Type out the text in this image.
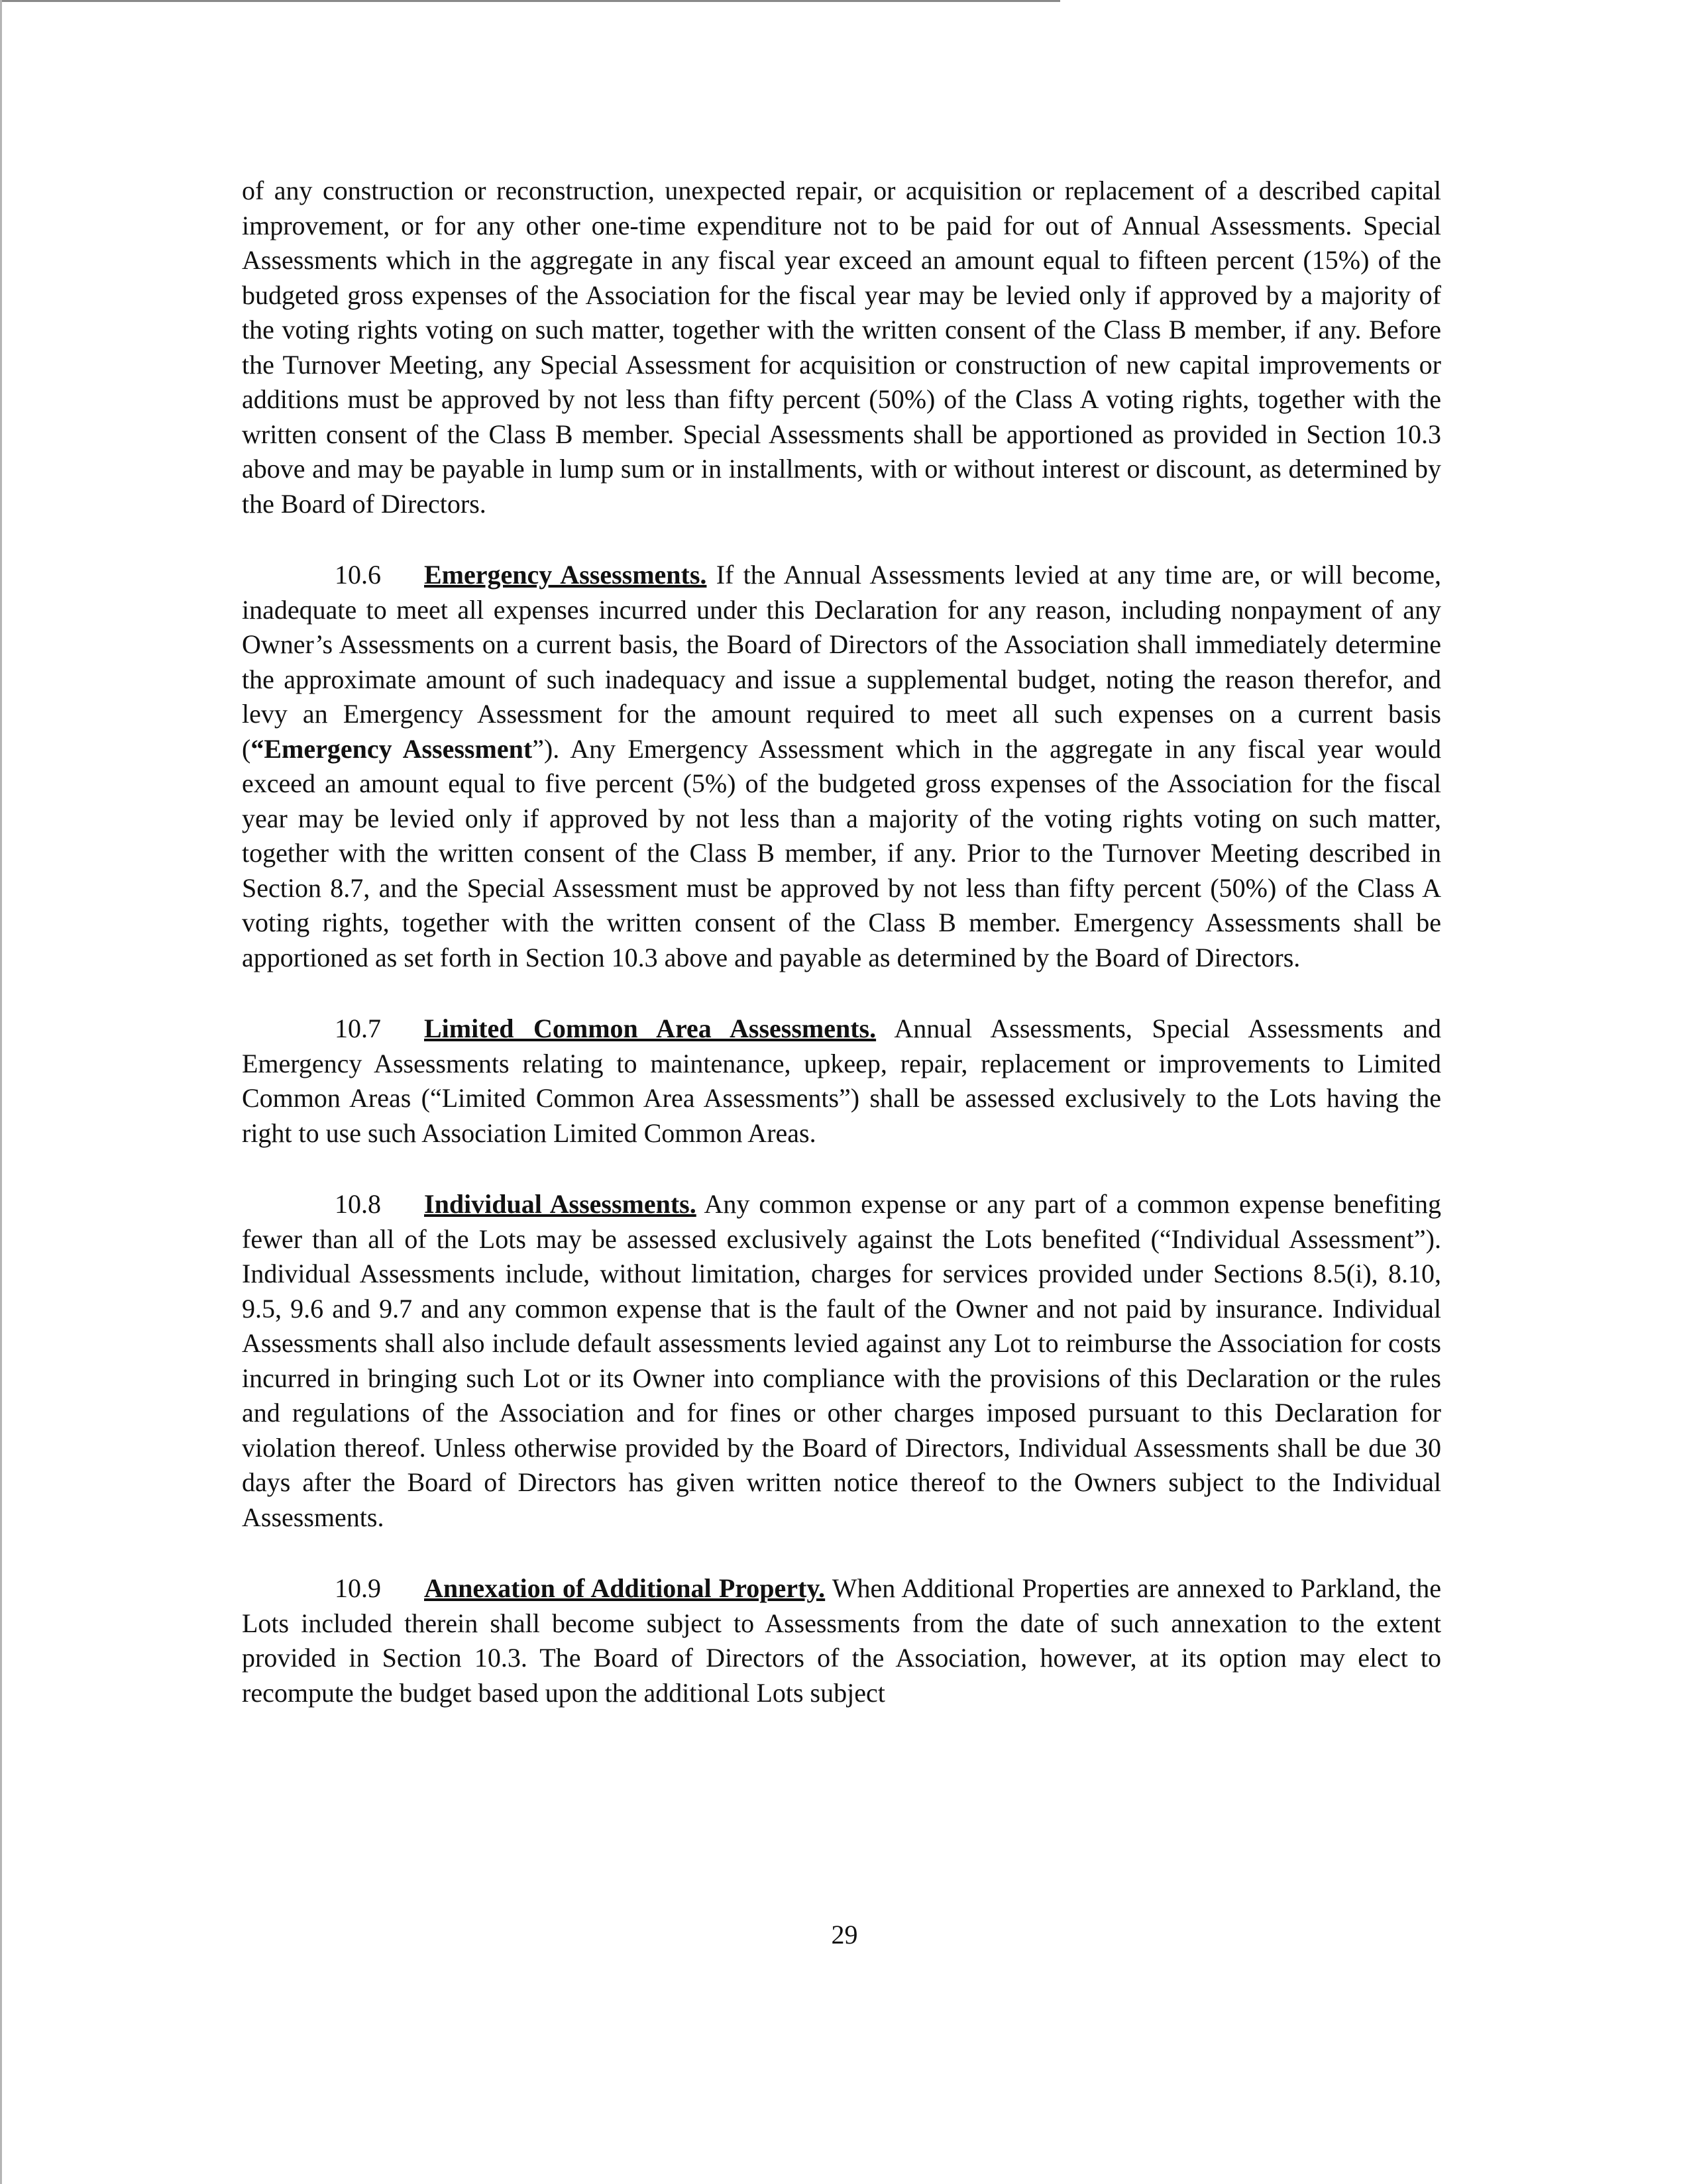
of any construction or reconstruction, unexpected repair, or acquisition or replacement of a described capital improvement, or for any other one-time expenditure not to be paid for out of Annual Assessments. Special Assessments which in the aggregate in any fiscal year exceed an amount equal to fifteen percent (15%) of the budgeted gross expenses of the Association for the fiscal year may be levied only if approved by a majority of the voting rights voting on such matter, together with the written consent of the Class B member, if any. Before the Turnover Meeting, any Special Assessment for acquisition or construction of new capital improvements or additions must be approved by not less than fifty percent (50%) of the Class A voting rights, together with the written consent of the Class B member. Special Assessments shall be apportioned as provided in Section 10.3 above and may be payable in lump sum or in installments, with or without interest or discount, as determined by the Board of Directors.

10.6 Emergency Assessments. If the Annual Assessments levied at any time are, or will become, inadequate to meet all expenses incurred under this Declaration for any reason, including nonpayment of any Owner’s Assessments on a current basis, the Board of Directors of the Association shall immediately determine the approximate amount of such inadequacy and issue a supplemental budget, noting the reason therefor, and levy an Emergency Assessment for the amount required to meet all such expenses on a current basis (“Emergency Assessment”). Any Emergency Assessment which in the aggregate in any fiscal year would exceed an amount equal to five percent (5%) of the budgeted gross expenses of the Association for the fiscal year may be levied only if approved by not less than a majority of the voting rights voting on such matter, together with the written consent of the Class B member, if any. Prior to the Turnover Meeting described in Section 8.7, and the Special Assessment must be approved by not less than fifty percent (50%) of the Class A voting rights, together with the written consent of the Class B member. Emergency Assessments shall be apportioned as set forth in Section 10.3 above and payable as determined by the Board of Directors.

10.7 Limited Common Area Assessments. Annual Assessments, Special Assessments and Emergency Assessments relating to maintenance, upkeep, repair, replacement or improvements to Limited Common Areas (“Limited Common Area Assessments”) shall be assessed exclusively to the Lots having the right to use such Association Limited Common Areas.

10.8 Individual Assessments. Any common expense or any part of a common expense benefiting fewer than all of the Lots may be assessed exclusively against the Lots benefited (“Individual Assessment”). Individual Assessments include, without limitation, charges for services provided under Sections 8.5(i), 8.10, 9.5, 9.6 and 9.7 and any common expense that is the fault of the Owner and not paid by insurance. Individual Assessments shall also include default assessments levied against any Lot to reimburse the Association for costs incurred in bringing such Lot or its Owner into compliance with the provisions of this Declaration or the rules and regulations of the Association and for fines or other charges imposed pursuant to this Declaration for violation thereof. Unless otherwise provided by the Board of Directors, Individual Assessments shall be due 30 days after the Board of Directors has given written notice thereof to the Owners subject to the Individual Assessments.

10.9 Annexation of Additional Property. When Additional Properties are annexed to Parkland, the Lots included therein shall become subject to Assessments from the date of such annexation to the extent provided in Section 10.3. The Board of Directors of the Association, however, at its option may elect to recompute the budget based upon the additional Lots subject

29
